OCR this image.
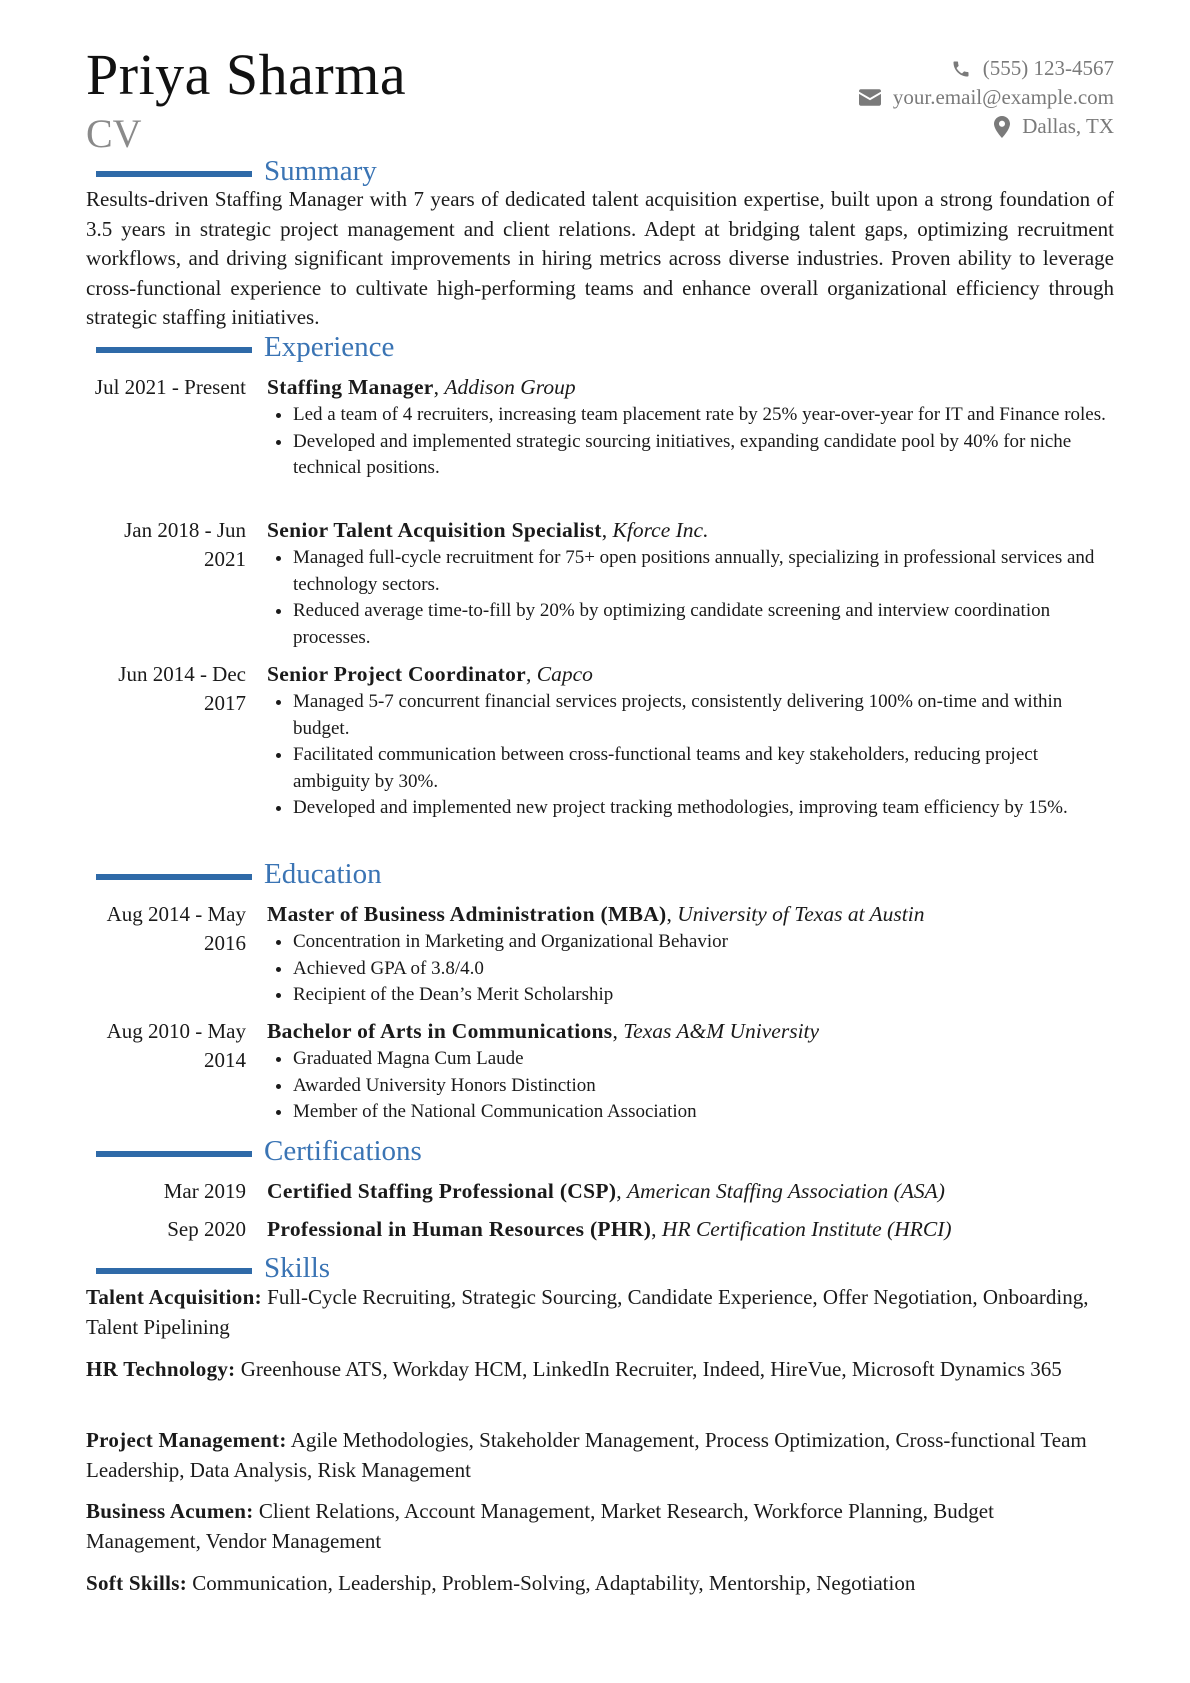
Priya Sharma
CV
(555) 123-4567
your.email@example.com
Dallas, TX
Summary
Results-driven Staffing Manager with 7 years of dedicated talent acquisition expertise, built upon a strong foundation of 3.5 years in strategic project management and client relations. Adept at bridging talent gaps, optimizing recruitment workflows, and driving significant improvements in hiring metrics across diverse industries. Proven ability to leverage cross-functional experience to cultivate high-performing teams and enhance overall organizational efficiency through strategic staffing initiatives.
Experience
Jul 2021 - Present Staffing Manager, Addison Group
Led a team of 4 recruiters, increasing team placement rate by 25% year-over-year for IT and Finance roles.
Developed and implemented strategic sourcing initiatives, expanding candidate pool by 40% for niche technical positions.
Jan 2018 - Jun 2021
Senior Talent Acquisition Specialist, Kforce Inc.
Managed full-cycle recruitment for 75+ open positions annually, specializing in professional services and technology sectors.
Reduced average time-to-fill by 20% by optimizing candidate screening and interview coordination processes.
Jun 2014 - Dec 2017
Senior Project Coordinator, Capco
Managed 5-7 concurrent financial services projects, consistently delivering 100% on-time and within budget.
Facilitated communication between cross-functional teams and key stakeholders, reducing project ambiguity by 30%.
Developed and implemented new project tracking methodologies, improving team efficiency by 15%.
Education
Aug 2014 - May 2016
Master of Business Administration (MBA), University of Texas at Austin
Concentration in Marketing and Organizational Behavior
Achieved GPA of 3.8/4.0
Recipient of the Dean’s Merit Scholarship
Aug 2010 - May 2014
Bachelor of Arts in Communications, Texas A&M University
Graduated Magna Cum Laude
Awarded University Honors Distinction
Member of the National Communication Association
Certifications
Mar 2019 Certified Staffing Professional (CSP), American Staffing Association (ASA)
Sep 2020 Professional in Human Resources (PHR), HR Certification Institute (HRCI)
Skills
Talent Acquisition: Full-Cycle Recruiting, Strategic Sourcing, Candidate Experience, Offer Negotiation, Onboarding, Talent Pipelining
HR Technology: Greenhouse ATS, Workday HCM, LinkedIn Recruiter, Indeed, HireVue, Microsoft Dynamics 365
Project Management: Agile Methodologies, Stakeholder Management, Process Optimization, Cross-functional Team Leadership, Data Analysis, Risk Management
Business Acumen: Client Relations, Account Management, Market Research, Workforce Planning, Budget Management, Vendor Management
Soft Skills: Communication, Leadership, Problem-Solving, Adaptability, Mentorship, Negotiation
